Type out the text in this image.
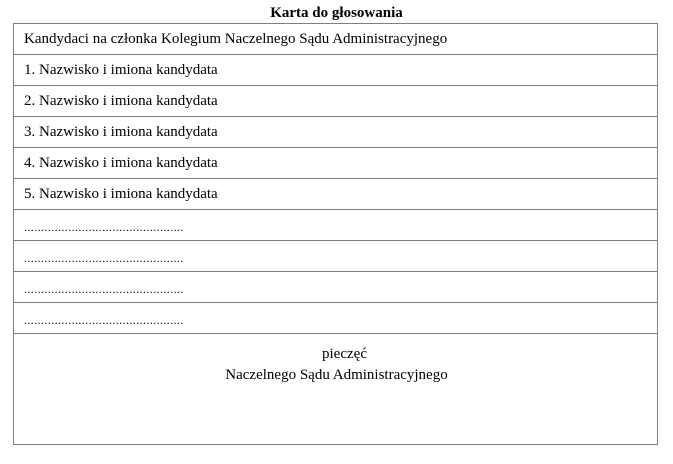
Karta do głosowania
Kandydaci na członka Kolegium Naczelnego Sądu Administracyjnego
1. Nazwisko i imiona kandydata
2. Nazwisko i imiona kandydata
3. Nazwisko i imiona kandydata
4. Nazwisko i imiona kandydata
5. Nazwisko i imiona kandydata
...............................................
...............................................
...............................................
...............................................
pieczęć
Naczelnego Sądu Administracyjnego
